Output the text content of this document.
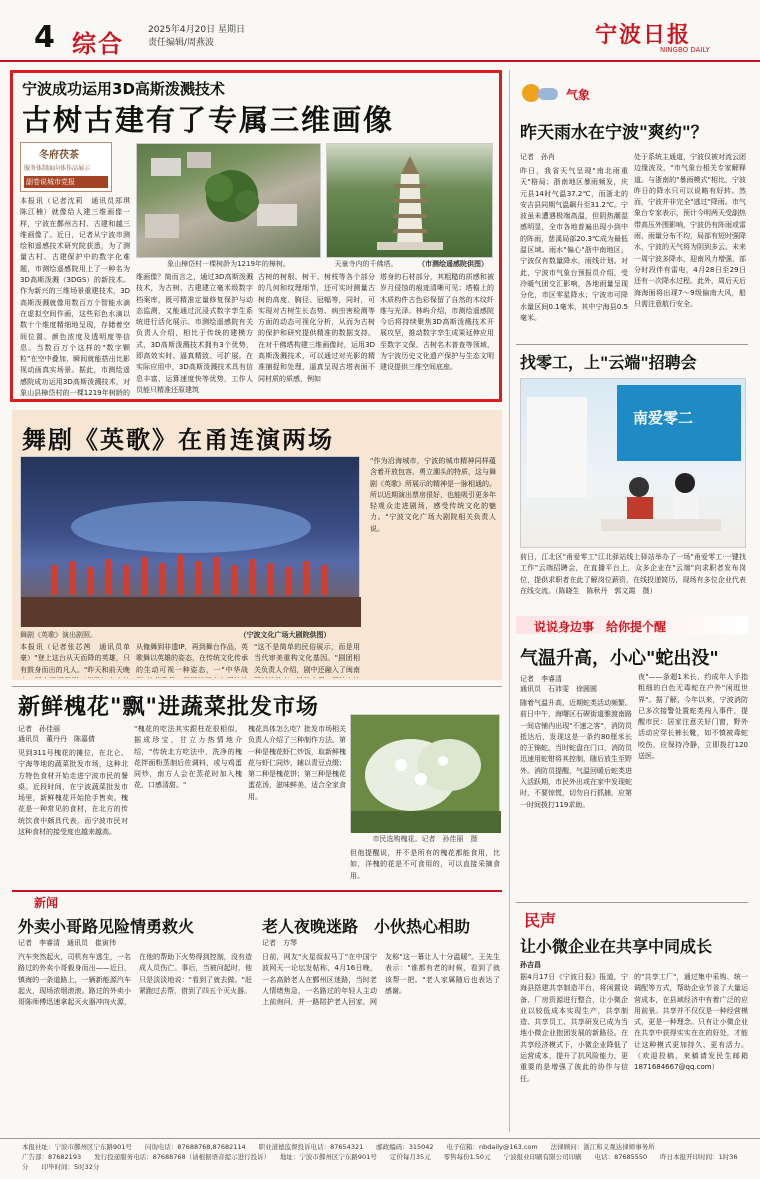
4 综合	2025年4月20日 星期日
责任编辑/周燕波	宁波日报
NINGBO DAILY
宁波成功运用3D高斯泼溅技术
古树古建有了专属三维画像
冬府茯茶
服务体制面向体作品展示
副卷说城市党报
象山樟岱村一棵树龄为1219年的樟树。	天童寺内的千佛塔。	（市测绘遥感院供图）
本报讯（记者沈莉　通讯员郑琪　陈江楠）就像给人建三维画像一样，宁波在鄞州古村、古建和越三维画像了。近日，记者从宁波市测绘和遥感技术研究院获悉，为了测量古村、古建保护中的数字化难题，市测绘遥感院用上了一种名为3D高斯泼溅（3DGS）的新技术。作为新兴的三维场景重建技术，3D高斯泼溅就像用数百万个智能水滴在虚拟空间作画，这些彩色水滴以数十个维度精细地呈现，存储着空间位置、颜色浓度及透明度等信息。当数百万个这样的"数字颗粒"在空中叠加，瞬间就能搭出比影视动画真实场景。据此，市测绘遥感院成功运用3D高斯泼溅技术，对象山县樟岱村的一棵1219年树龄的
维画像？简而言之，通过3D高斯泼溅技术，为古树、古建建立毫米级数字档案库，既可精准定量修复保护与动态监测，又能通过沉浸式数字孪生系统进行活化展示。市测绘遥感院有关负责人介绍，相比于传统的建模方式，3D高斯泼溅技术拥有3个优势，即高效实时、逼真精致、可扩展。在实际应用中，3D高斯泼溅技术具有信息丰富、运算速度快等优势，工作人员能只精准还原建筑
古树的树根、树干、树枝等各个部分的几何和纹理细节，还可实时测量古树的高度、胸径、冠幅等，同时，可实现对古树生长态势、病虫害检测等方面的动态可视化分析，从而为古树的保护和研究提供精准的数据支持。在对千佛塔构建三维画像时，运用3D高斯泼溅技术，可以通过对光影的精准捕捉和处理，逼真呈现古塔表面不同材质的质感，例如
塔身的石材部分，其粗糙的质感和被岁月侵蚀的痕迹清晰可见；塔檐上的木质构件古色彩保留了自然的木纹纤维与光泽。林屿介绍，市测绘遥感院今后将持续聚焦3D高斯泼溅技术开展攻坚，推动数字孪生成果延伸应用至数字文保、古树名木普查等领域，为宁波历史文化遗产保护与生态文明建设提供三维空间底座。
舞剧《英歌》在甬连演两场
舞剧《英歌》演出剧照。	（宁波文化广场大剧院供图）
本报讯（记者张芯茜　通讯员单豪）"登上这台从天而降的英雄，只有鼓身而出的凡人。"昨天和前天晚
从俺舞到非遗IP，再到舞台作品，英歌舞以英雄的姿态，在传统文化传承的生动可视一种姿态，一"中华战
"这不是简单的民俗展示，而是用当代审美重构文化基因。"剧团相关负责人介绍，剧中还融入了闽南
"作为沿海城市，宁波的城市精神同样蕴含着开放包容，勇立潮头的特质，这与舞剧《英歌》所展示的精神是一脉相通的。所以近期演出票房很好，也能吸引更多年轻观众走进剧场，感受传统文化的魅力。"宁波文化广场大剧院相关负责人说。
新鲜槐花"飘"进蔬菜批发市场
记者　孙佳丽
通讯员　董丹丹　陈嘉倩
见到311号槐花的摊位，在北仑、宁海等地的蔬菜批发市场，这种北方特色食材开始走进宁波市民的餐桌。近段时间，在宁波蔬菜批发市场里，新鲜槐花开始抢手售卖。槐花是一种常见的食材，在北方的传统饮食中颇具代表，而宁波市民对这种食材的接受度也越来越高。
"槐花的吃法其实跟柱花很相似，据成珍宝，甘立力热情地介绍，"传统北方吃法中，洗净的槐花拌面粉蒸制后佐调料，或与鸡蛋同炒，南方人会在蒸花时加入槐花，口感清甜。"
槐花具体怎么吃？批发市场相关负责人介绍了三种制作方法。第一种是槐花虾仁炒饭，取新鲜槐花与虾仁同炒，辅以青豆点缀；第二种是槐花饼；第三种是槐花蛋花汤，滋味鲜美，适合全家食用。
市民选购槐花。记者　孙佳丽　摄
但他提醒说，并不是所有的槐花都能食用，比如，洋槐的花是不可食用的，可以直接采摘食用。
新闻
外卖小哥路见险情勇救火
记者　李睿清　通讯员　崔寅伟
汽车突然起火，司机有车逃生，一名路过的外卖小哥毅身而出——近日，镇海的一条道路上，一辆新能源汽车起火，现场浓烟滚滚。路过的外卖小哥陈师傅迅速拿起灭火器冲向火源，在他的帮助下火势得到控制，没有造成人员伤亡。事后，当被问起时，他只是淡淡地说："看到了就去做。"赶紧跑过去帮，借到了四五个灭火器。
老人夜晚迷路　小伙热心相助
记者　方琴
日前，网友"火星叔叔马丁"在中国宁波网天一论坛发帖称，4月16日晚，一名高龄老人在鄞州区迷路，当时老人情绪焦急，一名路过的年轻人主动上前询问，并一路陪护老人回家，网友称"这一幕让人十分温暖"。王先生表示："谁都有老的时候，看到了就该帮一把。"老人家属随后也表达了感谢。
气象
昨天雨水在宁波"爽约"？
记者　孙肖
昨日，我省天气呈现"南北雨重天"格局；浙南地区暴雨频发，庆元县14时气温37.2℃，而浙北的安吉县同期气温飙升至31.2℃。宁波虽未遭遇极端高温，但阴热潮湿感明显，全市各地普遍出现小到中的阵雨，慈溪局部20.3℃成为最低温区域。雨水"偏心"浙中南地区，宁波仅有数量降水，雨线计划。对此，宁波市气象台预报员介绍，受冷暖气团交汇影响，各地雨量呈现分化，市区零星降水；宁波市可降水量区间0.1毫米，其中宁海县0.5毫米。
处于系统主通道，宁波仅被对流云团边缘波及，"市气象台相关专家解释道。与浙南的"暴雨模式"相比，宁波昨日的降水只可以说略有好转。然而，宁波并非完全"逃过"降雨。市气象台专家表示，预计今明两天受副热带高压外围影响，宁波仍有阵雨或雷雨，雨量分布不均，局部有短时强降水，宁波的天气将为阴到多云。未来一周宁波多降水，迎南风力增强，部分时段伴有雷电，4月28日至29日还有一次降水过程。此外，周后天后海海面将出现7～9级偏南大风，船只需注意航行安全。
找零工，上"云端"招聘会
南爱零二
前日，江北区"甬爱零工"江北驿站线上驿站举办了一场"甬爱零工·一键找工作"云端招聘会，在直播平台上，众多企业在"云端"向求职者发布岗位，提供求职者在此了解岗位薪资，在线投递简历，现场有多位企业代表在线交流。（陈晓生　陈秋丹　郭文霞　摄）
说说身边事　给你提个醒
气温升高，小心"蛇出没"
记者　李睿清
通讯员　石沛雯　徐圆圆
随着气温升高，近期蛇类活动频繁。前日中午，海曙区石碶街道雅渡南路一间店铺内出现"不速之客"，消防员抵达后，发现这是一条约80厘米长的王锦蛇。当时蛇盘在门口，消防员迅速用蛇钳将其控制，随后放生至野外。消防员提醒，气温回暖后蛇类进入活跃期，市民外出或在家中发现蛇时，不要惊慌，切勿自行抓捕，应第一时间拨打119求助。
夜"——条超1米长、约成年人手指粗细的白色无毒蛇在户外"闲逛世界"。据了解，今年以来，宁波消防已多次接警处置蛇类闯入事件，提醒市民：居家注意关好门窗，野外活动应穿长裤长靴，如不慎被毒蛇咬伤，应保持冷静，立即拨打120送医。
民声
让小微企业在共享中同成长
孙吉昌
据4月17日《宁波日报》报道，宁海县搭建共享制造平台，将闲置设备、厂房资源进行整合，让小微企业以较低成本实现生产，共享制造、共享员工、共享研发已成为当地小微企业抱团发展的新路径。在共享经济模式下，小微企业降低了运营成本，提升了抗风险能力，更重要的是增强了彼此的协作与信任。
的"共享工厂"，通过集中采购、统一调配等方式，帮助企业节省了大量运营成本，在县域经济中有着广泛的应用前景。共享并不仅仅是一种经营模式，更是一种理念。只有让小微企业在共享中获得实实在在的好处，才能让这种模式更加持久、更有活力。（欢迎投稿，来稿请发民生邮箱1871684667@qq.com）
本报社址：宁波市鄞州区宁东路901号　　问询电话：87688768,87682114　　职业道德监督投诉电话：87654321　　邮政编码：315042　　电子信箱：nbdaily@163.com　　法律顾问：浙江和义观达律师事务所
广告部：87682193　　发行投递服务电话：87688768（请根据语音提示进行投诉）　　地址：宁波市鄞州区宁东路901号　　定价每月35元　　零售每份1.50元　　宁波报业印刷有限公司印刷　　电话：87685550　　昨日本报开印时间：1时36分　　印毕时间：5时32分
